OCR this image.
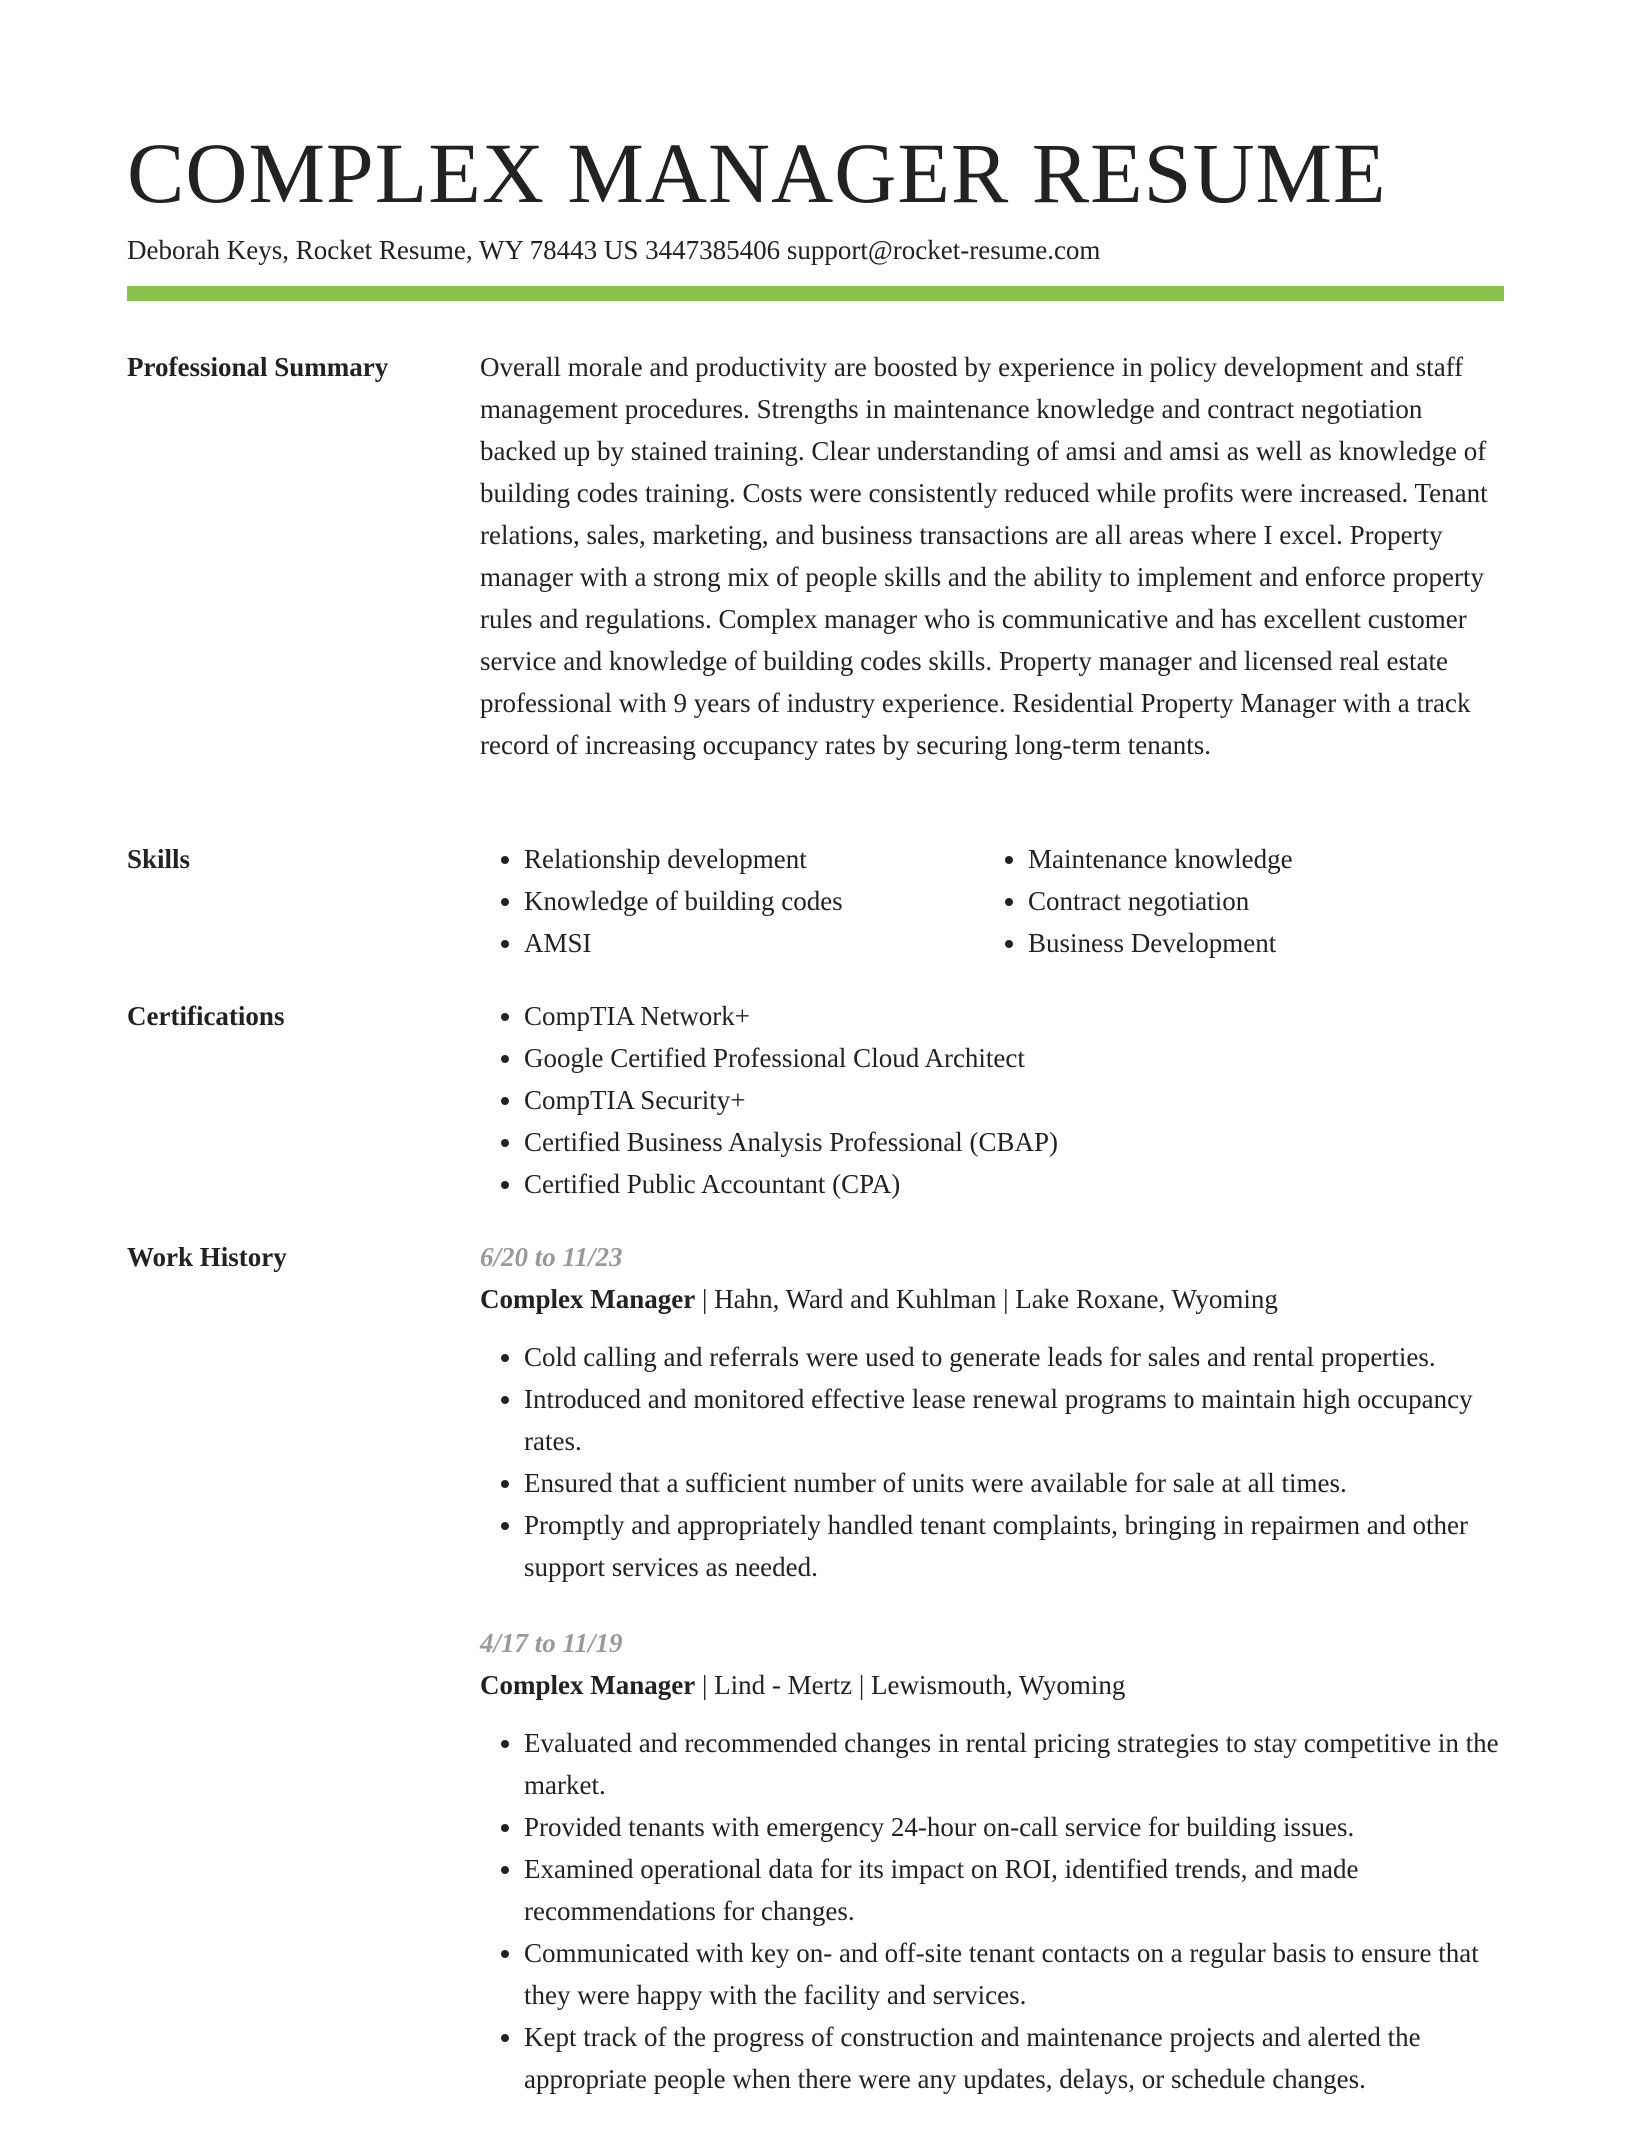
COMPLEX MANAGER RESUME
Deborah Keys, Rocket Resume, WY 78443 US 3447385406 support@rocket-resume.com
Professional Summary	Overall morale and productivity are boosted by experience in policy development and staff management procedures. Strengths in maintenance knowledge and contract negotiation backed up by stained training. Clear understanding of amsi and amsi as well as knowledge of building codes training. Costs were consistently reduced while profits were increased. Tenant relations, sales, marketing, and business transactions are all areas where I excel. Property manager with a strong mix of people skills and the ability to implement and enforce property rules and regulations. Complex manager who is communicative and has excellent customer service and knowledge of building codes skills. Property manager and licensed real estate professional with 9 years of industry experience. Residential Property Manager with a track record of increasing occupancy rates by securing long-term tenants.

Skills	• Relationship development
• Knowledge of building codes
• AMSI
• Maintenance knowledge
• Contract negotiation
• Business Development
Certifications	• CompTIA Network+
• Google Certified Professional Cloud Architect
• CompTIA Security+
• Certified Business Analysis Professional (CBAP)
• Certified Public Accountant (CPA)
Work History	6/20 to 11/23
Complex Manager | Hahn, Ward and Kuhlman | Lake Roxane, Wyoming
• Cold calling and referrals were used to generate leads for sales and rental properties.
• Introduced and monitored effective lease renewal programs to maintain high occupancy rates.
• Ensured that a sufficient number of units were available for sale at all times.
• Promptly and appropriately handled tenant complaints, bringing in repairmen and other support services as needed.
4/17 to 11/19
Complex Manager | Lind - Mertz | Lewismouth, Wyoming
• Evaluated and recommended changes in rental pricing strategies to stay competitive in the market.
• Provided tenants with emergency 24-hour on-call service for building issues.
• Examined operational data for its impact on ROI, identified trends, and made recommendations for changes.
• Communicated with key on- and off-site tenant contacts on a regular basis to ensure that they were happy with the facility and services.
• Kept track of the progress of construction and maintenance projects and alerted the appropriate people when there were any updates, delays, or schedule changes.
